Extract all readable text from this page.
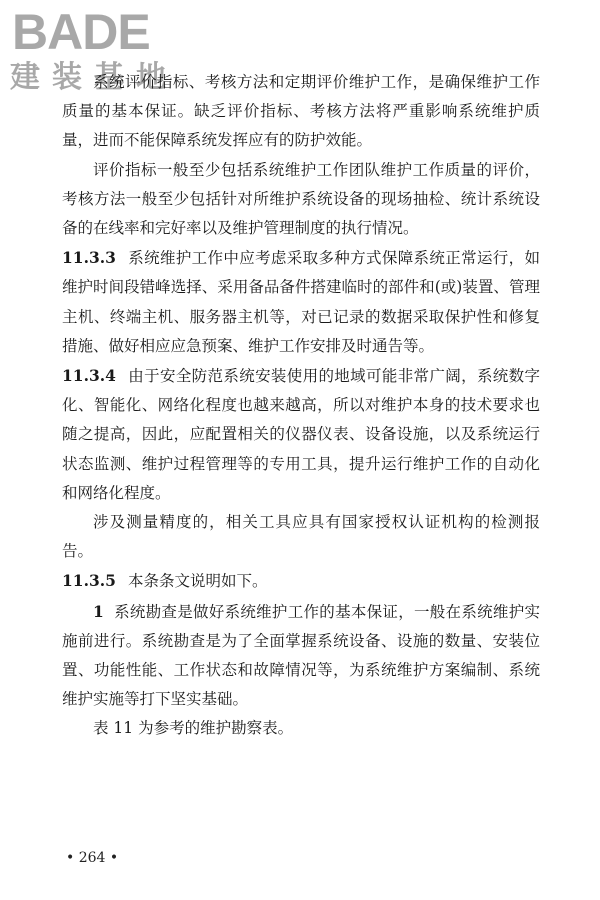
BADE
建装基地

系统评价指标、考核方法和定期评价维护工作，是确保维护工作质量的基本保证。缺乏评价指标、考核方法将严重影响系统维护质量，进而不能保障系统发挥应有的防护效能。

评价指标一般至少包括系统维护工作团队维护工作质量的评价，考核方法一般至少包括针对所维护系统设备的现场抽检、统计系统设备的在线率和完好率以及维护管理制度的执行情况。

11.3.3 系统维护工作中应考虑采取多种方式保障系统正常运行，如维护时间段错峰选择、采用备品备件搭建临时的部件和(或)装置、管理主机、终端主机、服务器主机等，对已记录的数据采取保护性和修复措施、做好相应应急预案、维护工作安排及时通告等。

11.3.4 由于安全防范系统安装使用的地域可能非常广阔，系统数字化、智能化、网络化程度也越来越高，所以对维护本身的技术要求也随之提高，因此，应配置相关的仪器仪表、设备设施，以及系统运行状态监测、维护过程管理等的专用工具，提升运行维护工作的自动化和网络化程度。

涉及测量精度的，相关工具应具有国家授权认证机构的检测报告。

11.3.5 本条条文说明如下。

1 系统勘查是做好系统维护工作的基本保证，一般在系统维护实施前进行。系统勘查是为了全面掌握系统设备、设施的数量、安装位置、功能性能、工作状态和故障情况等，为系统维护方案编制、系统维护实施等打下坚实基础。

表 11 为参考的维护勘察表。

• 264 •
